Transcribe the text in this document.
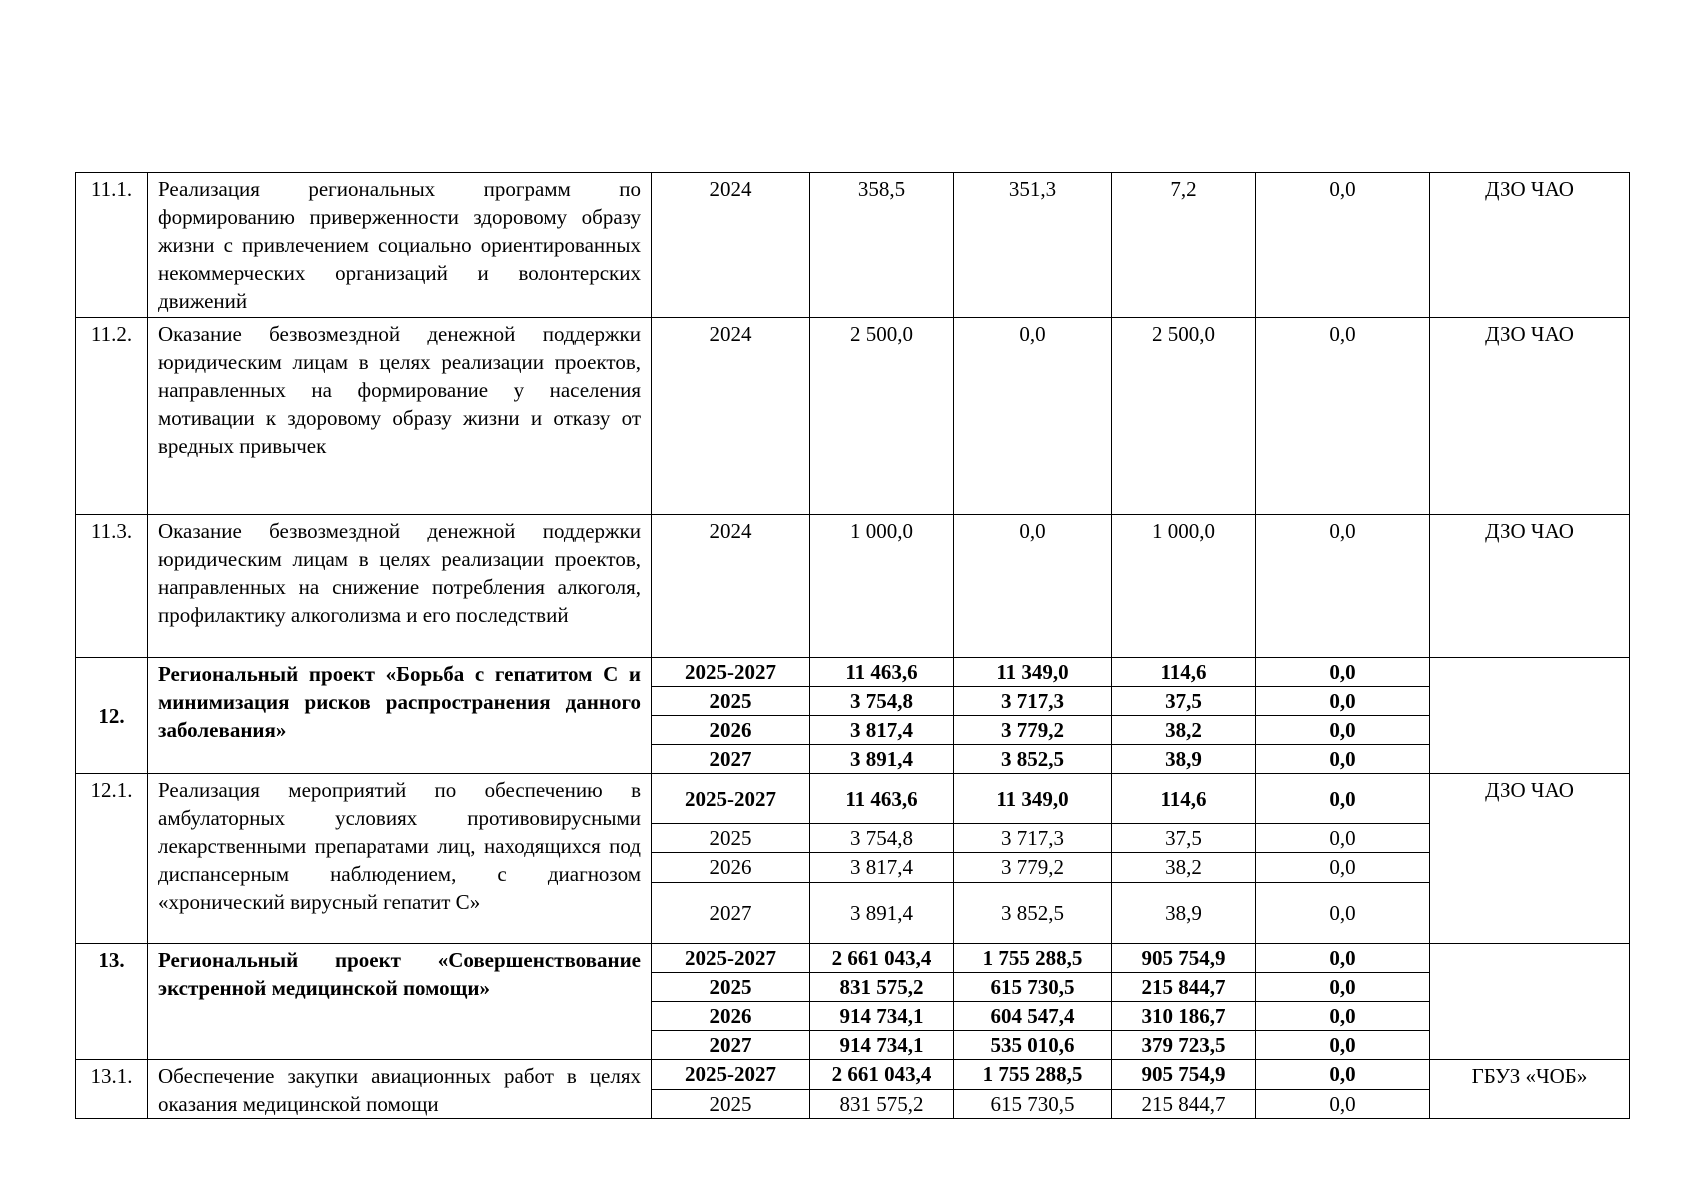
11.1.	Реализация региональных программ по формированию приверженности здоровому образу жизни с привлечением социально ориентированных некоммерческих организаций и волонтерских движений	2024	358,5	351,3	7,2	0,0	ДЗО ЧАО
11.2.	Оказание безвозмездной денежной поддержки юридическим лицам в целях реализации проектов, направленных на формирование у населения мотивации к здоровому образу жизни и отказу от вредных привычек	2024	2 500,0	0,0	2 500,0	0,0	ДЗО ЧАО
11.3.	Оказание безвозмездной денежной поддержки юридическим лицам в целях реализации проектов, направленных на снижение потребления алкоголя, профилактику алкоголизма и его последствий	2024	1 000,0	0,0	1 000,0	0,0	ДЗО ЧАО
12.	Региональный проект «Борьба с гепатитом С и минимизация рисков распространения данного заболевания»	2025-2027	11 463,6	11 349,0	114,6	0,0	
		2025	3 754,8	3 717,3	37,5	0,0	
		2026	3 817,4	3 779,2	38,2	0,0	
		2027	3 891,4	3 852,5	38,9	0,0	
12.1.	Реализация мероприятий по обеспечению в амбулаторных условиях противовирусными лекарственными препаратами лиц, находящихся под диспансерным наблюдением, с диагнозом «хронический вирусный гепатит С»	2025-2027	11 463,6	11 349,0	114,6	0,0	ДЗО ЧАО
		2025	3 754,8	3 717,3	37,5	0,0	
		2026	3 817,4	3 779,2	38,2	0,0	
		2027	3 891,4	3 852,5	38,9	0,0	
13.	Региональный проект «Совершенствование экстренной медицинской помощи»	2025-2027	2 661 043,4	1 755 288,5	905 754,9	0,0	
		2025	831 575,2	615 730,5	215 844,7	0,0	
		2026	914 734,1	604 547,4	310 186,7	0,0	
		2027	914 734,1	535 010,6	379 723,5	0,0	
13.1.	Обеспечение закупки авиационных работ в целях оказания медицинской помощи	2025-2027	2 661 043,4	1 755 288,5	905 754,9	0,0	ГБУЗ «ЧОБ»
		2025	831 575,2	615 730,5	215 844,7	0,0	
